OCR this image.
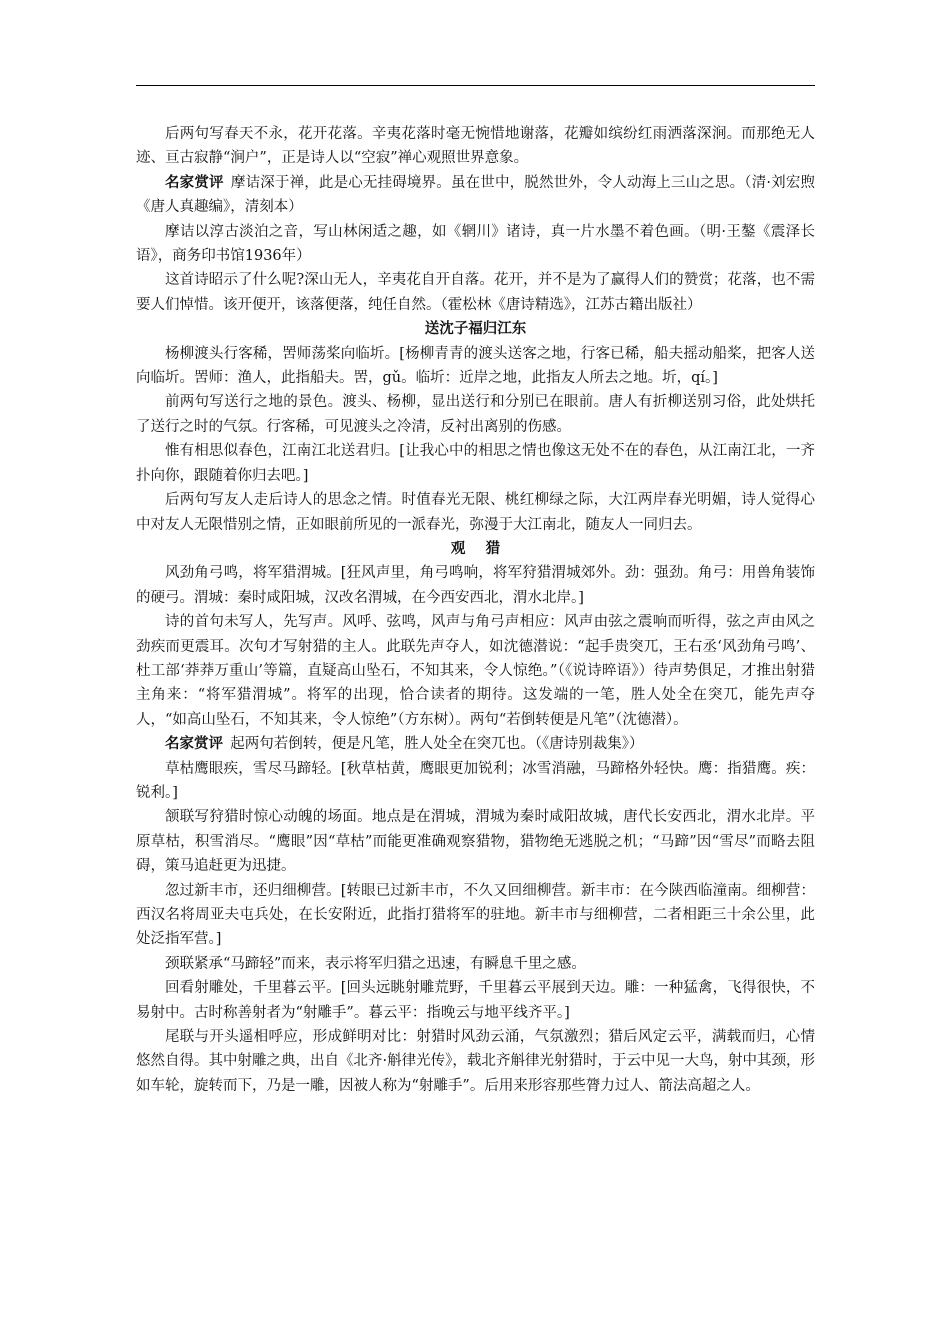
后两句写春天不永，花开花落。辛夷花落时毫无惋惜地谢落，花瓣如缤纷红雨洒落深涧。而那绝无人迹、亘古寂静“涧户”，正是诗人以“空寂”禅心观照世界意象。

名家赏评 摩诘深于禅，此是心无挂碍境界。虽在世中，脱然世外，令人动海上三山之思。（清·刘宏煦《唐人真趣编》，清刻本）

摩诘以淳古淡泊之音，写山林闲适之趣，如《辋川》诸诗，真一片水墨不着色画。（明·王鏊《震泽长语》，商务印书馆1936年）

这首诗昭示了什么呢?深山无人，辛夷花自开自落。花开，并不是为了赢得人们的赞赏；花落，也不需要人们悼惜。该开便开，该落便落，纯任自然。（霍松林《唐诗精选》，江苏古籍出版社）

送沈子福归江东

杨柳渡头行客稀，罟师荡桨向临圻。[杨柳青青的渡头送客之地，行客已稀，船夫摇动船桨，把客人送向临圻。罟师：渔人，此指船夫。罟，gǔ。临圻：近岸之地，此指友人所去之地。圻，qí。]

前两句写送行之地的景色。渡头、杨柳，显出送行和分别已在眼前。唐人有折柳送别习俗，此处烘托了送行之时的气氛。行客稀，可见渡头之冷清，反衬出离别的伤感。

惟有相思似春色，江南江北送君归。[让我心中的相思之情也像这无处不在的春色，从江南江北，一齐扑向你，跟随着你归去吧。]

后两句写友人走后诗人的思念之情。时值春光无限、桃红柳绿之际，大江两岸春光明媚，诗人觉得心中对友人无限惜别之情，正如眼前所见的一派春光，弥漫于大江南北，随友人一同归去。

观猎

风劲角弓鸣，将军猎渭城。[狂风声里，角弓鸣响，将军狩猎渭城郊外。劲：强劲。角弓：用兽角装饰的硬弓。渭城：秦时咸阳城，汉改名渭城，在今西安西北，渭水北岸。]

诗的首句未写人，先写声。风呼、弦鸣，风声与角弓声相应：风声由弦之震响而听得，弦之声由风之劲疾而更震耳。次句才写射猎的主人。此联先声夺人，如沈德潜说：“起手贵突兀，王右丞‘风劲角弓鸣’、杜工部‘莽莽万重山’等篇，直疑高山坠石，不知其来，令人惊绝。”（《说诗晬语》）待声势俱足，才推出射猎主角来：“将军猎渭城”。将军的出现，恰合读者的期待。这发端的一笔，胜人处全在突兀，能先声夺人，“如高山坠石，不知其来，令人惊绝”（方东树）。两句“若倒转便是凡笔”（沈德潜）。

名家赏评 起两句若倒转，便是凡笔，胜人处全在突兀也。（《唐诗别裁集》）

草枯鹰眼疾，雪尽马蹄轻。[秋草枯黄，鹰眼更加锐利；冰雪消融，马蹄格外轻快。鹰：指猎鹰。疾：锐利。]

颔联写狩猎时惊心动魄的场面。地点是在渭城，渭城为秦时咸阳故城，唐代长安西北，渭水北岸。平原草枯，积雪消尽。“鹰眼”因“草枯”而能更准确观察猎物，猎物绝无逃脱之机；“马蹄”因“雪尽”而略去阻碍，策马追赶更为迅捷。

忽过新丰市，还归细柳营。[转眼已过新丰市，不久又回细柳营。新丰市：在今陕西临潼南。细柳营：西汉名将周亚夫屯兵处，在长安附近，此指打猎将军的驻地。新丰市与细柳营，二者相距三十余公里，此处泛指军营。]

颈联紧承“马蹄轻”而来，表示将军归猎之迅速，有瞬息千里之感。

回看射雕处，千里暮云平。[回头远眺射雕荒野，千里暮云平展到天边。雕：一种猛禽，飞得很快，不易射中。古时称善射者为“射雕手”。暮云平：指晚云与地平线齐平。]

尾联与开头遥相呼应，形成鲜明对比：射猎时风劲云涌，气氛激烈；猎后风定云平，满载而归，心情悠然自得。其中射雕之典，出自《北齐·斛律光传》，载北齐斛律光射猎时，于云中见一大鸟，射中其颈，形如车轮，旋转而下，乃是一雕，因被人称为“射雕手”。后用来形容那些膂力过人、箭法高超之人。
